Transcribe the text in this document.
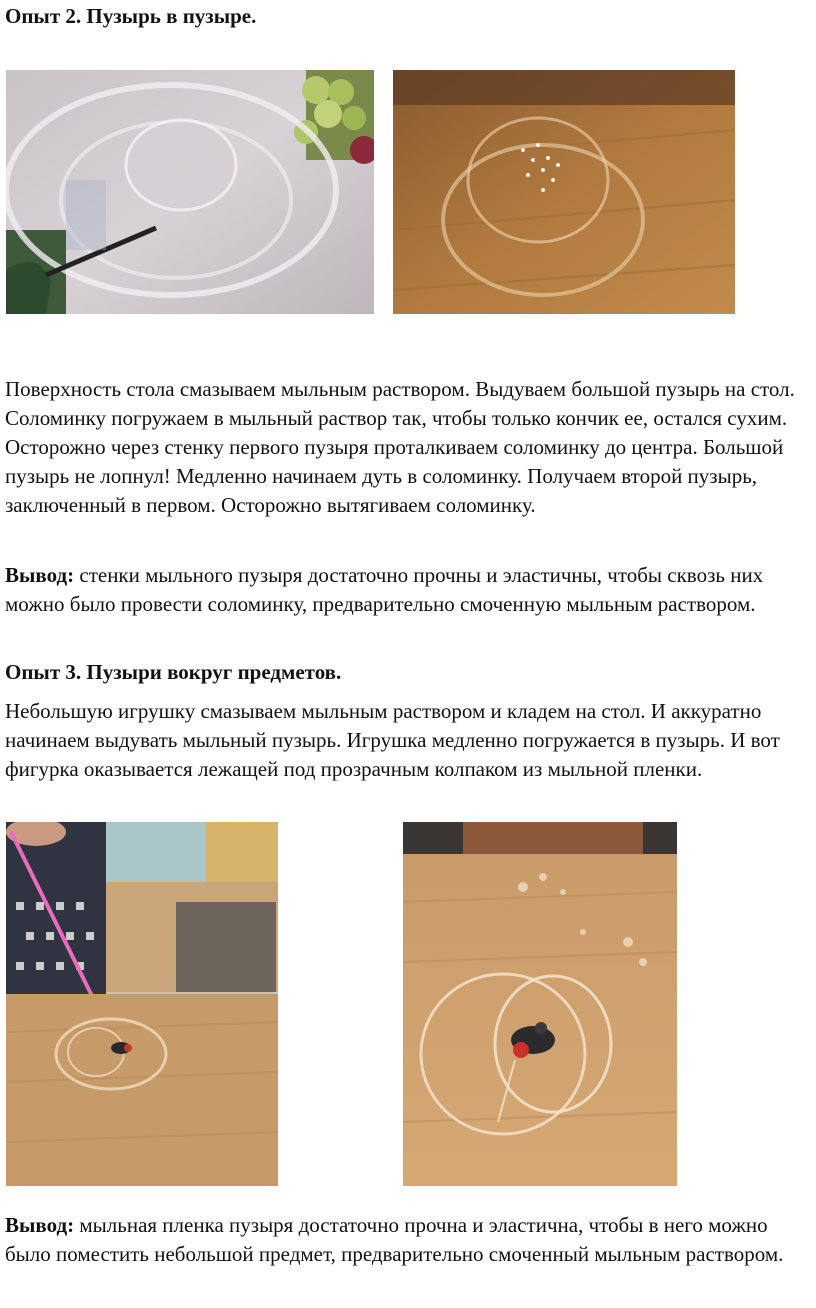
Опыт 2. Пузырь в пузыре.
Поверхность стола смазываем мыльным раствором. Выдуваем большой пузырь на стол. Соломинку погружаем в мыльный раствор так, чтобы только кончик ее, остался сухим. Осторожно через стенку первого пузыря проталкиваем соломинку до центра. Большой пузырь не лопнул! Медленно начинаем дуть в соломинку. Получаем второй пузырь, заключенный в первом. Осторожно вытягиваем соломинку.
Вывод: стенки мыльного пузыря достаточно прочны и эластичны, чтобы сквозь них можно было провести соломинку, предварительно смоченную мыльным раствором.
Опыт 3. Пузыри вокруг предметов.
Небольшую игрушку смазываем мыльным раствором и кладем на стол. И аккуратно начинаем выдувать мыльный пузырь. Игрушка медленно погружается в пузырь. И вот фигурка оказывается лежащей под прозрачным колпаком из мыльной пленки.
Вывод: мыльная пленка пузыря достаточно прочна и эластична, чтобы в него можно было поместить небольшой предмет, предварительно смоченный мыльным раствором.
